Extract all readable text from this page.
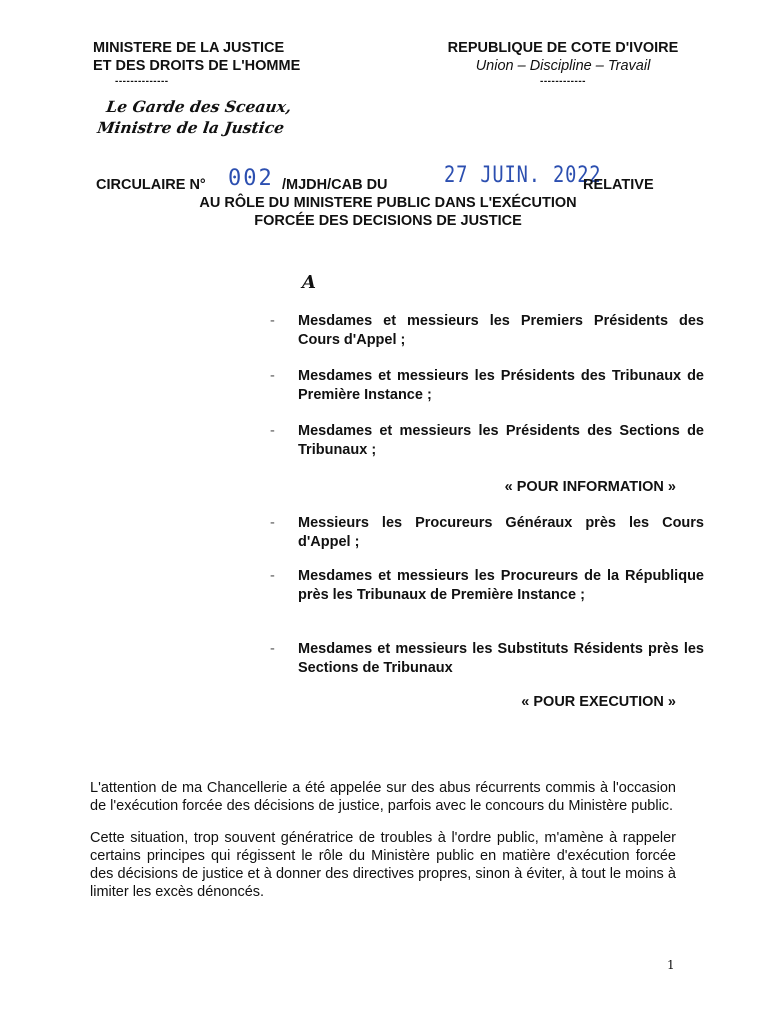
MINISTERE DE LA JUSTICE
ET DES DROITS DE L'HOMME
--------------
REPUBLIQUE DE COTE D'IVOIRE
Union – Discipline – Travail
------------
Le Garde des Sceaux,
Ministre de la Justice
CIRCULAIRE N° 002 /MJDH/CAB DU	27 JUIN. 2022
RELATIVE
AU RÔLE DU MINISTERE PUBLIC DANS L'EXÉCUTION
FORCÉE DES DECISIONS DE JUSTICE
A
- Mesdames et messieurs les Premiers Présidents des Cours d'Appel ;
- Mesdames et messieurs les Présidents des Tribunaux de Première Instance ;
- Mesdames et messieurs les Présidents des Sections de Tribunaux ;
« POUR INFORMATION »
- Messieurs les Procureurs Généraux près les Cours d'Appel ;
- Mesdames et messieurs les Procureurs de la République près les Tribunaux de Première Instance ;
- Mesdames et messieurs les Substituts Résidents près les Sections de Tribunaux
« POUR EXECUTION »

L'attention de ma Chancellerie a été appelée sur des abus récurrents commis à l'occasion de l'exécution forcée des décisions de justice, parfois avec le concours du Ministère public.

Cette situation, trop souvent génératrice de troubles à l'ordre public, m'amène à rappeler certains principes qui régissent le rôle du Ministère public en matière d'exécution forcée des décisions de justice et à donner des directives propres, sinon à éviter, à tout le moins à limiter les excès dénoncés.

1
